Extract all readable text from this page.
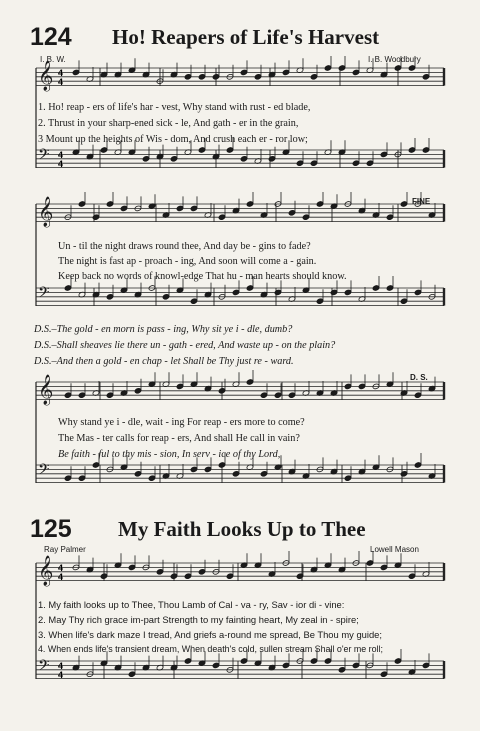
𝄞 4
4
𝄢 4
4
𝄞
𝄢
𝄞
𝄢
𝄞 4
4
𝄢 4
4
124 Ho! Reapers of Life's Harvest
I. B. W.	I. B. Woodbury
1. Ho! reap - ers of life's har - vest, Why stand with rust - ed blade,
2. Thrust in your sharp-ened sick - le, And gath - er in the grain,
3 Mount up the heights of Wis - dom, And crush each er - ror low;
FINE
Un - til the night draws round thee, And day be - gins to fade?
The night is fast ap - proach - ing, And soon will come a - gain.
Keep back no words of knowl-edge That hu - man hearts should know.
D.S.–The gold - en morn is pass - ing, Why sit ye i - dle, dumb?
D.S.–Shall sheaves lie there un - gath - ered, And waste up - on the plain?
D.S.–And then a gold - en chap - let Shall be Thy just re - ward.
D. S.
Why stand ye i - dle, wait - ing For reap - ers more to come?
The Mas - ter calls for reap - ers, And shall He call in vain?
Be faith - ful to thy mis - sion, In serv - ice of thy Lord,
125 My Faith Looks Up to Thee
Ray Palmer	Lowell Mason
1. My faith looks up to Thee, Thou Lamb of Cal - va - ry, Sav - ior di - vine:
2. May Thy rich grace im-part Strength to my fainting heart, My zeal in - spire;
3. When life's dark maze I tread, And griefs a-round me spread, Be Thou my guide;
4. When ends life's transient dream, When death's cold, sullen stream Shall o'er me roll;
